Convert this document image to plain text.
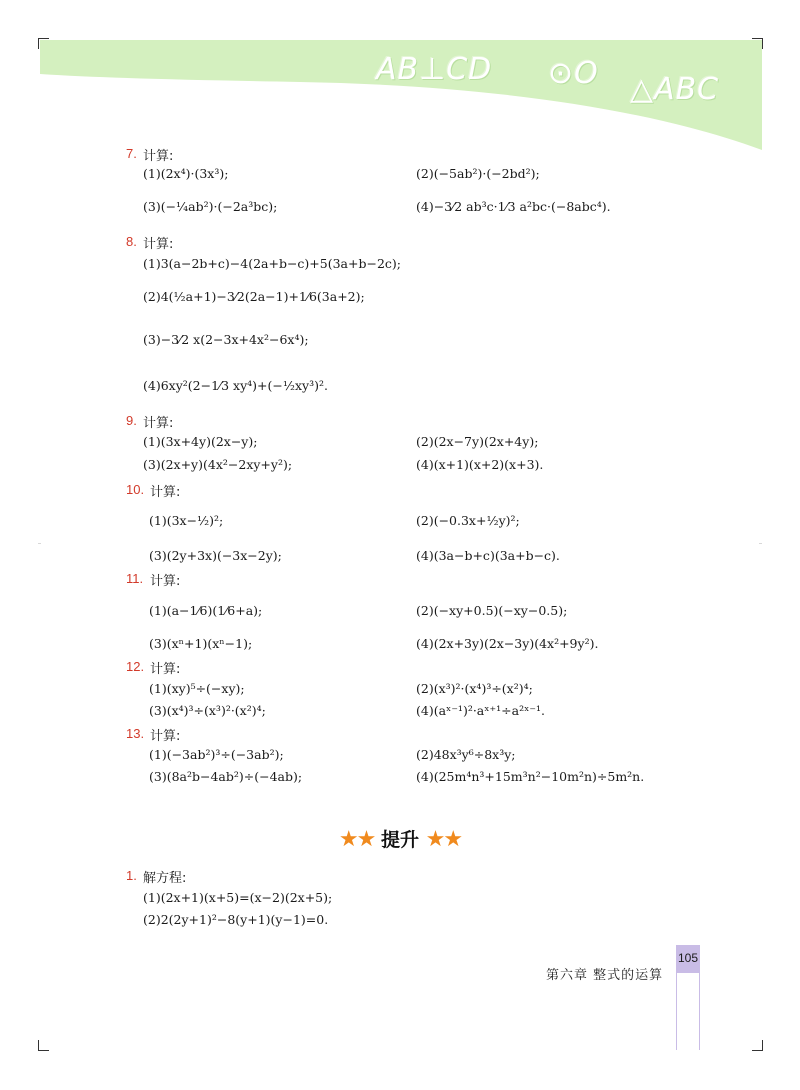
AB⊥CD ⊙O △ABC
7. 计算:
(1)(2x⁴)·(3x³);	(2)(−5ab²)·(−2bd²);
(3)(−¼ab²)·(−2a³bc);	(4)−3⁄2 ab³c·1⁄3 a²bc·(−8abc⁴).
8. 计算:
(1)3(a−2b+c)−4(2a+b−c)+5(3a+b−2c);
(2)4(½a+1)−3⁄2(2a−1)+1⁄6(3a+2);
(3)−3⁄2 x(2−3x+4x²−6x⁴);
(4)6xy²(2−1⁄3 xy⁴)+(−½xy³)².
9. 计算:
(1)(3x+4y)(2x−y);	(2)(2x−7y)(2x+4y);
(3)(2x+y)(4x²−2xy+y²);	(4)(x+1)(x+2)(x+3).
10. 计算:
(1)(3x−½)²;	(2)(−0.3x+½y)²;
(3)(2y+3x)(−3x−2y);	(4)(3a−b+c)(3a+b−c).
11. 计算:
(1)(a−1⁄6)(1⁄6+a);	(2)(−xy+0.5)(−xy−0.5);
(3)(xⁿ+1)(xⁿ−1);	(4)(2x+3y)(2x−3y)(4x²+9y²).
12. 计算:
(1)(xy)⁵÷(−xy);	(2)(x³)²·(x⁴)³÷(x²)⁴;
(3)(x⁴)³÷(x³)²·(x²)⁴;	(4)(aˣ⁻¹)²·aˣ⁺¹÷a²ˣ⁻¹.
13. 计算:
(1)(−3ab²)³÷(−3ab²);	(2)48x³y⁶÷8x³y;
(3)(8a²b−4ab²)÷(−4ab);	(4)(25m⁴n³+15m³n²−10m²n)÷5m²n.
★★ 提升 ★★
1. 解方程:
(1)(2x+1)(x+5)=(x−2)(2x+5);
(2)2(2y+1)²−8(y+1)(y−1)=0.
第六章 整式的运算
105
